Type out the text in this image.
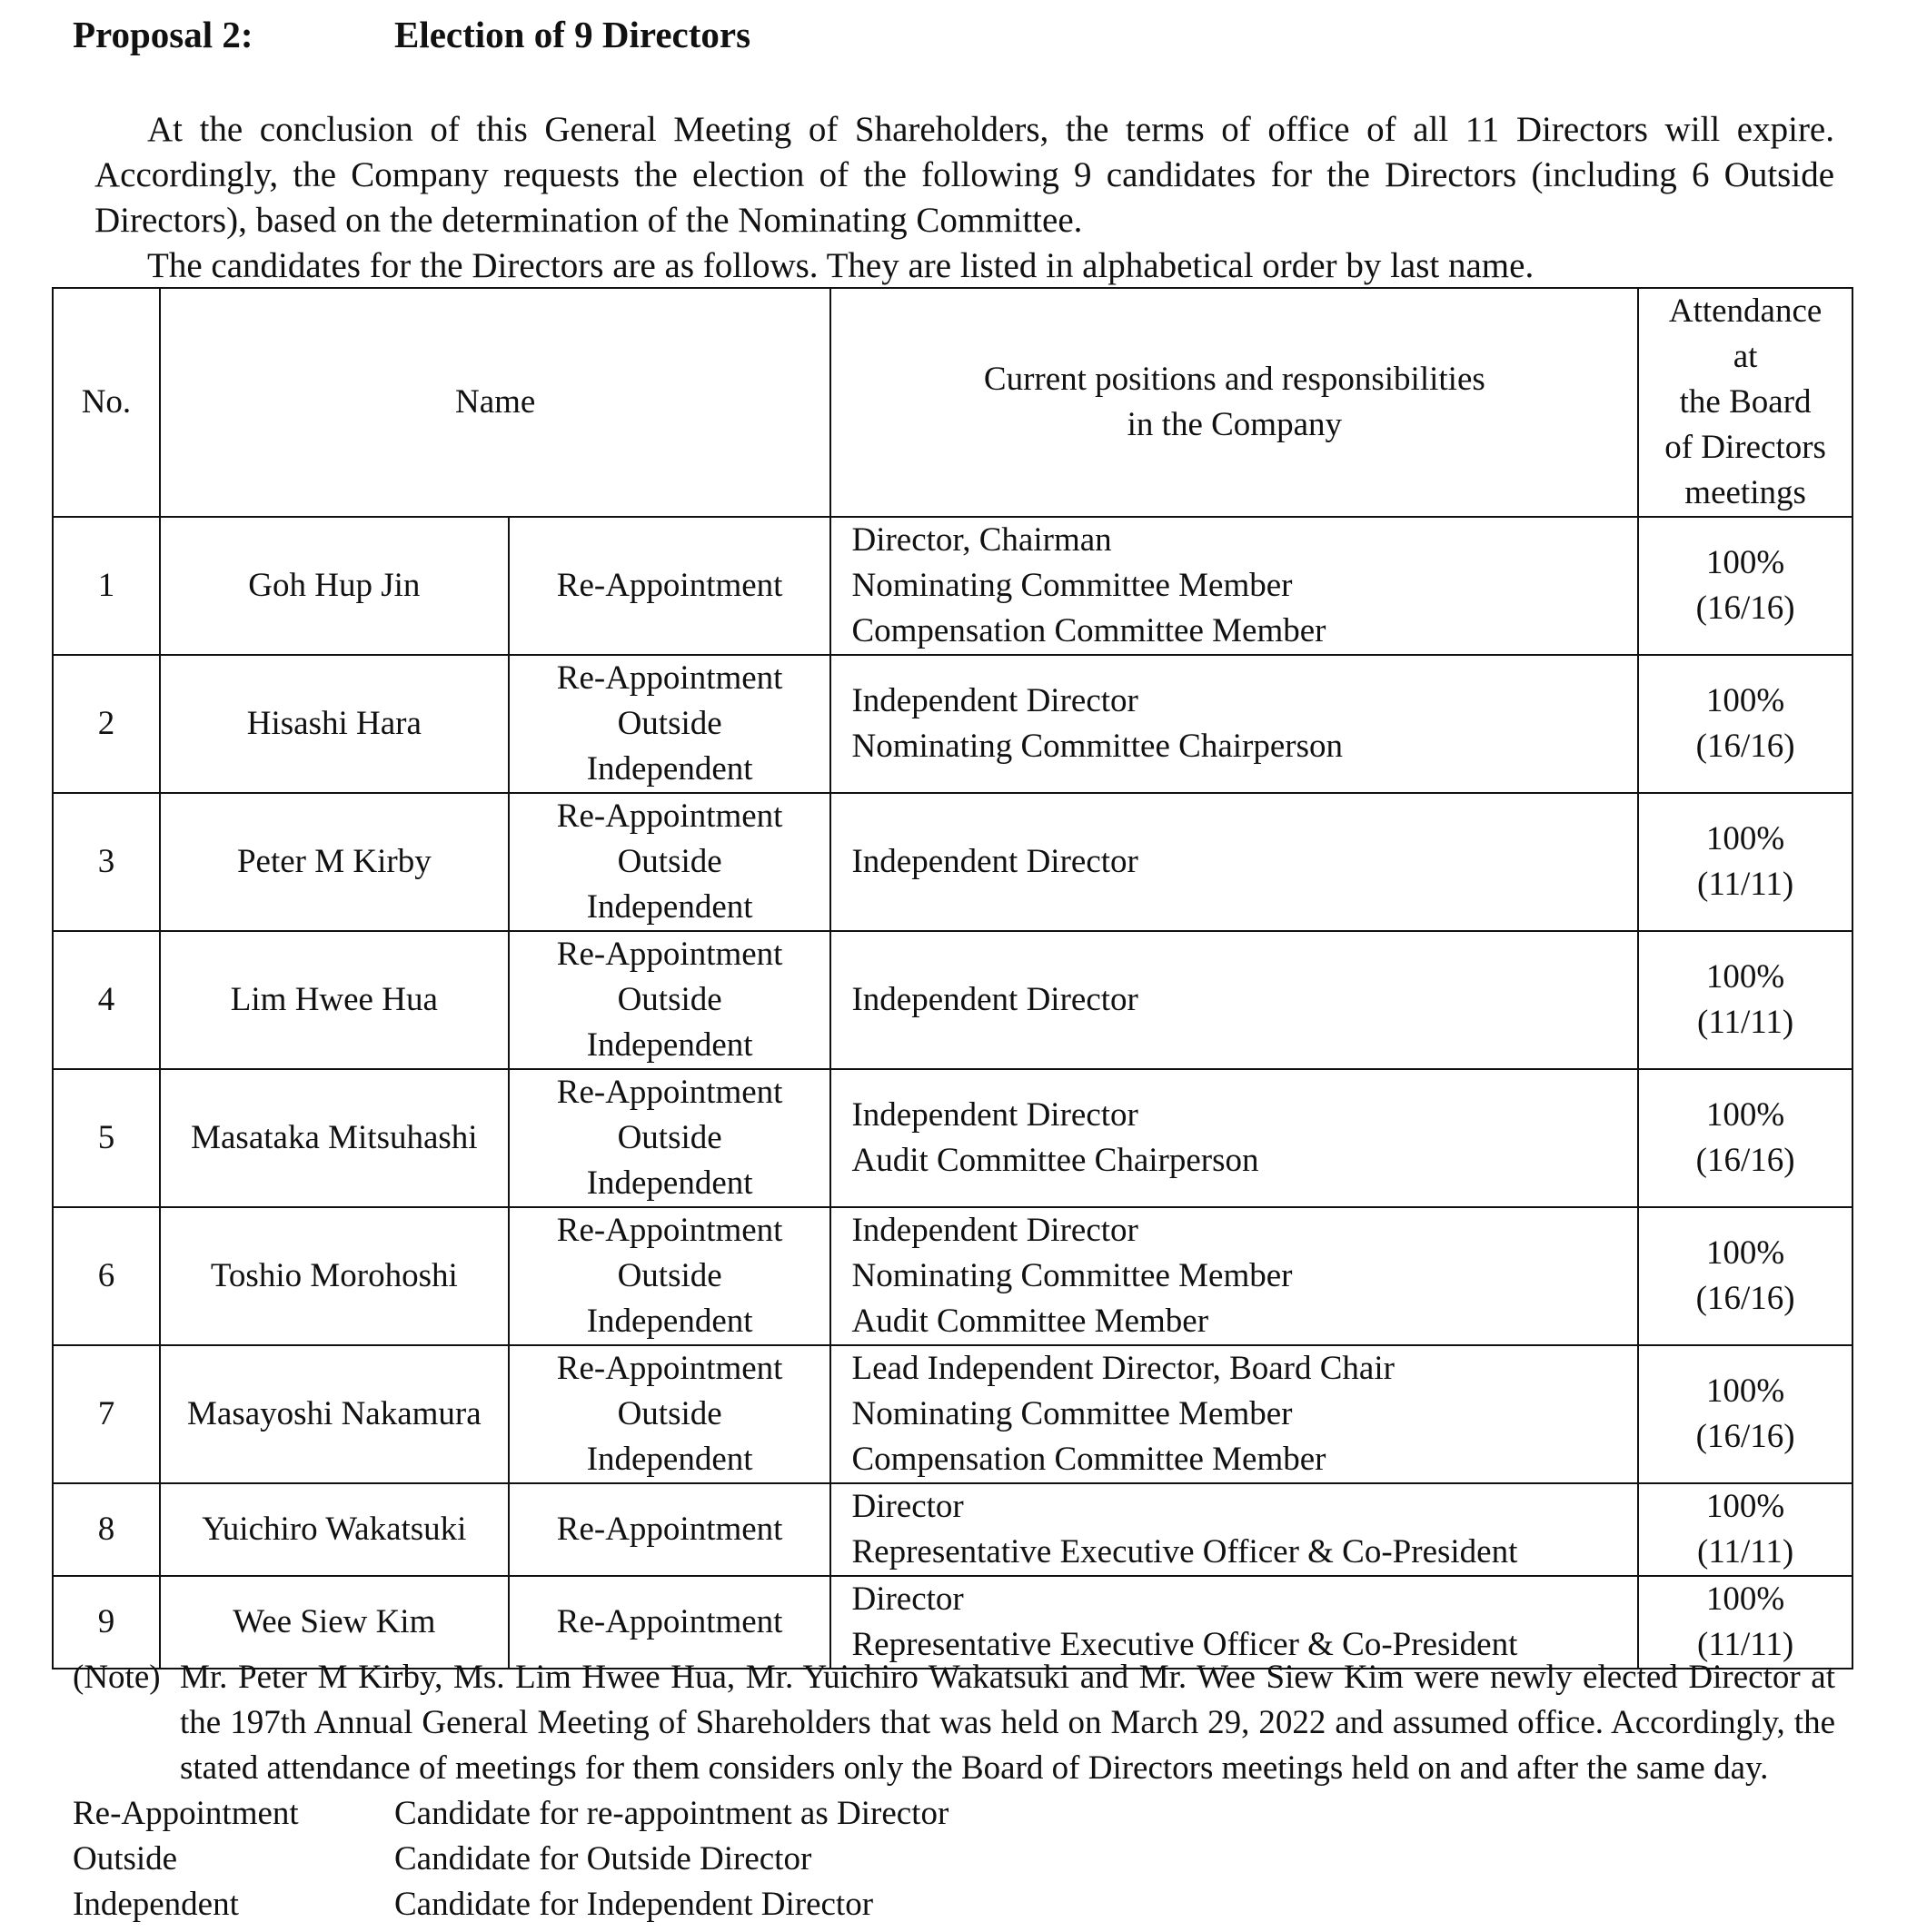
Proposal 2:	Election of 9 Directors

At the conclusion of this General Meeting of Shareholders, the terms of office of all 11 Directors will expire. Accordingly, the Company requests the election of the following 9 candidates for the Directors (including 6 Outside Directors), based on the determination of the Nominating Committee.

The candidates for the Directors are as follows. They are listed in alphabetical order by last name.

No.	Name		Current positions and responsibilities
in the Company	Attendance
at
the Board
of Directors
meetings

1	Goh Hup Jin	Re-Appointment	Director, Chairman
Nominating Committee Member
Compensation Committee Member	100%
(16/16)

2	Hisashi Hara	Re-Appointment
Outside
Independent	Independent Director
Nominating Committee Chairperson	100%
(16/16)

3	Peter M Kirby	Re-Appointment
Outside
Independent	Independent Director	100%
(11/11)

4	Lim Hwee Hua	Re-Appointment
Outside
Independent	Independent Director	100%
(11/11)

5	Masataka Mitsuhashi	Re-Appointment
Outside
Independent	Independent Director
Audit Committee Chairperson	100%
(16/16)

6	Toshio Morohoshi	Re-Appointment
Outside
Independent	Independent Director
Nominating Committee Member
Audit Committee Member	100%
(16/16)

7	Masayoshi Nakamura	Re-Appointment
Outside
Independent	Lead Independent Director, Board Chair
Nominating Committee Member
Compensation Committee Member	100%
(16/16)

8	Yuichiro Wakatsuki	Re-Appointment	Director
Representative Executive Officer & Co-President	100%
(11/11)

9	Wee Siew Kim	Re-Appointment	Director
Representative Executive Officer & Co-President	100%
(11/11)
(Note) Mr. Peter M Kirby, Ms. Lim Hwee Hua, Mr. Yuichiro Wakatsuki and Mr. Wee Siew Kim were newly elected Director at the 197th Annual General Meeting of Shareholders that was held on March 29, 2022 and assumed office. Accordingly, the stated attendance of meetings for them considers only the Board of Directors meetings held on and after the same day.
Re-Appointment	Candidate for re-appointment as Director
Outside	Candidate for Outside Director
Independent	Candidate for Independent Director
